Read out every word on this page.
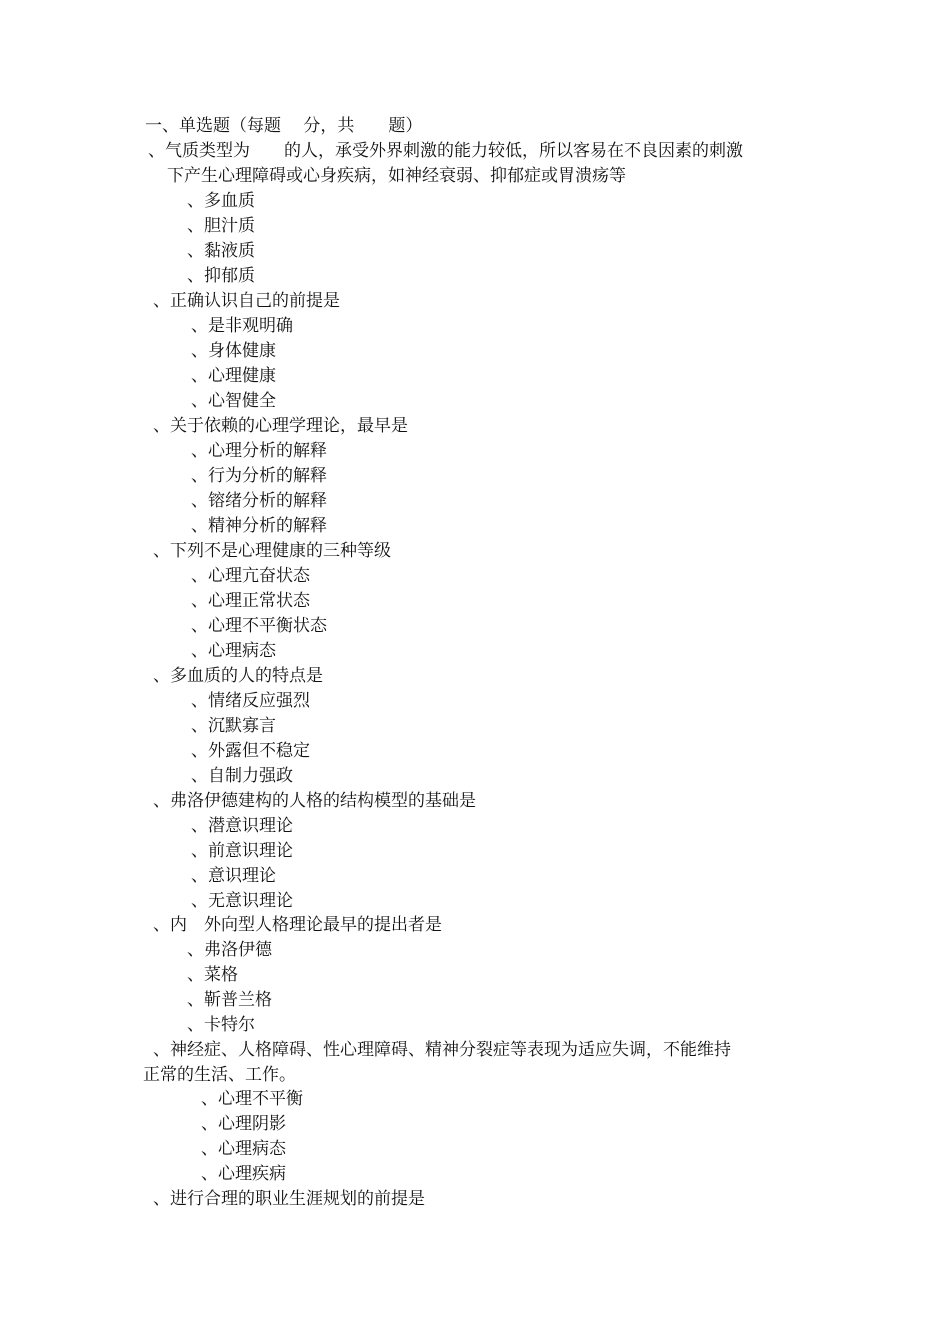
一、单选题（每题　 分，共　　题）
、气质类型为　　的人，承受外界刺激的能力较低，所以客易在不良因素的刺激
下产生心理障碍或心身疾病，如神经衰弱、抑郁症或胃溃疡等
、多血质
、胆汁质
、黏液质
、抑郁质
、正确认识自己的前提是
、是非观明确
、身体健康
、心理健康
、心智健全
、关于依赖的心理学理论，最早是
、心理分析的解释
、行为分析的解释
、镕绪分析的解释
、精神分析的解释
、下列不是心理健康的三种等级
、心理亢奋状态
、心理正常状态
、心理不平衡状态
、心理病态
、多血质的人的特点是
、情绪反应强烈
、沉默寡言
、外露但不稳定
、自制力强政
、弗洛伊德建构的人格的结构模型的基础是
、潜意识理论
、前意识理论
、意识理论
、无意识理论
、内　外向型人格理论最早的提出者是
、弗洛伊德
、菜格
、靳普兰格
、卡特尔
、神经症、人格障碍、性心理障碍、精神分裂症等表现为适应失调，不能维持
正常的生活、工作。
、心理不平衡
、心理阴影
、心理病态
、心理疾病
、进行合理的职业生涯规划的前提是
